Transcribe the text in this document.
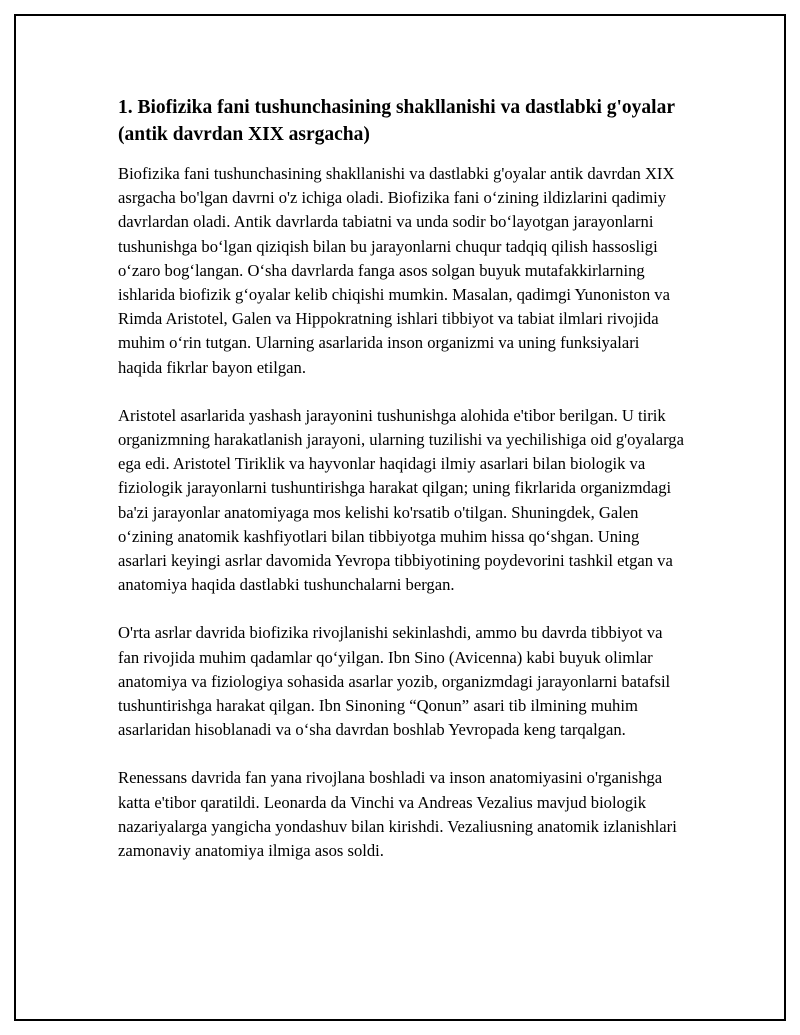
1. Biofizika fani tushunchasining shakllanishi va dastlabki g'oyalar (antik davrdan XIX asrgacha)

Biofizika fani tushunchasining shakllanishi va dastlabki g'oyalar antik davrdan XIX asrgacha bo'lgan davrni o'z ichiga oladi. Biofizika fani o‘zining ildizlarini qadimiy davrlardan oladi. Antik davrlarda tabiatni va unda sodir bo‘layotgan jarayonlarni tushunishga bo‘lgan qiziqish bilan bu jarayonlarni chuqur tadqiq qilish hassosligi o‘zaro bog‘langan. O‘sha davrlarda fanga asos solgan buyuk mutafakkirlarning ishlarida biofizik g‘oyalar kelib chiqishi mumkin. Masalan, qadimgi Yunoniston va Rimda Aristotel, Galen va Hippokratning ishlari tibbiyot va tabiat ilmlari rivojida muhim o‘rin tutgan. Ularning asarlarida inson organizmi va uning funksiyalari haqida fikrlar bayon etilgan.

Aristotel asarlarida yashash jarayonini tushunishga alohida e'tibor berilgan. U tirik organizmning harakatlanish jarayoni, ularning tuzilishi va yechilishiga oid g'oyalarga ega edi. Aristotel Tiriklik va hayvonlar haqidagi ilmiy asarlari bilan biologik va fiziologik jarayonlarni tushuntirishga harakat qilgan; uning fikrlarida organizmdagi ba'zi jarayonlar anatomiyaga mos kelishi ko'rsatib o'tilgan. Shuningdek, Galen o‘zining anatomik kashfiyotlari bilan tibbiyotga muhim hissa qo‘shgan. Uning asarlari keyingi asrlar davomida Yevropa tibbiyotining poydevorini tashkil etgan va anatomiya haqida dastlabki tushunchalarni bergan.

O'rta asrlar davrida biofizika rivojlanishi sekinlashdi, ammo bu davrda tibbiyot va fan rivojida muhim qadamlar qo‘yilgan. Ibn Sino (Avicenna) kabi buyuk olimlar anatomiya va fiziologiya sohasida asarlar yozib, organizmdagi jarayonlarni batafsil tushuntirishga harakat qilgan. Ibn Sinoning “Qonun” asari tib ilmining muhim asarlaridan hisoblanadi va o‘sha davrdan boshlab Yevropada keng tarqalgan.

Renessans davrida fan yana rivojlana boshladi va inson anatomiyasini o'rganishga katta e'tibor qaratildi. Leonarda da Vinchi va Andreas Vezalius mavjud biologik nazariyalarga yangicha yondashuv bilan kirishdi. Vezaliusning anatomik izlanishlari zamonaviy anatomiya ilmiga asos soldi.
